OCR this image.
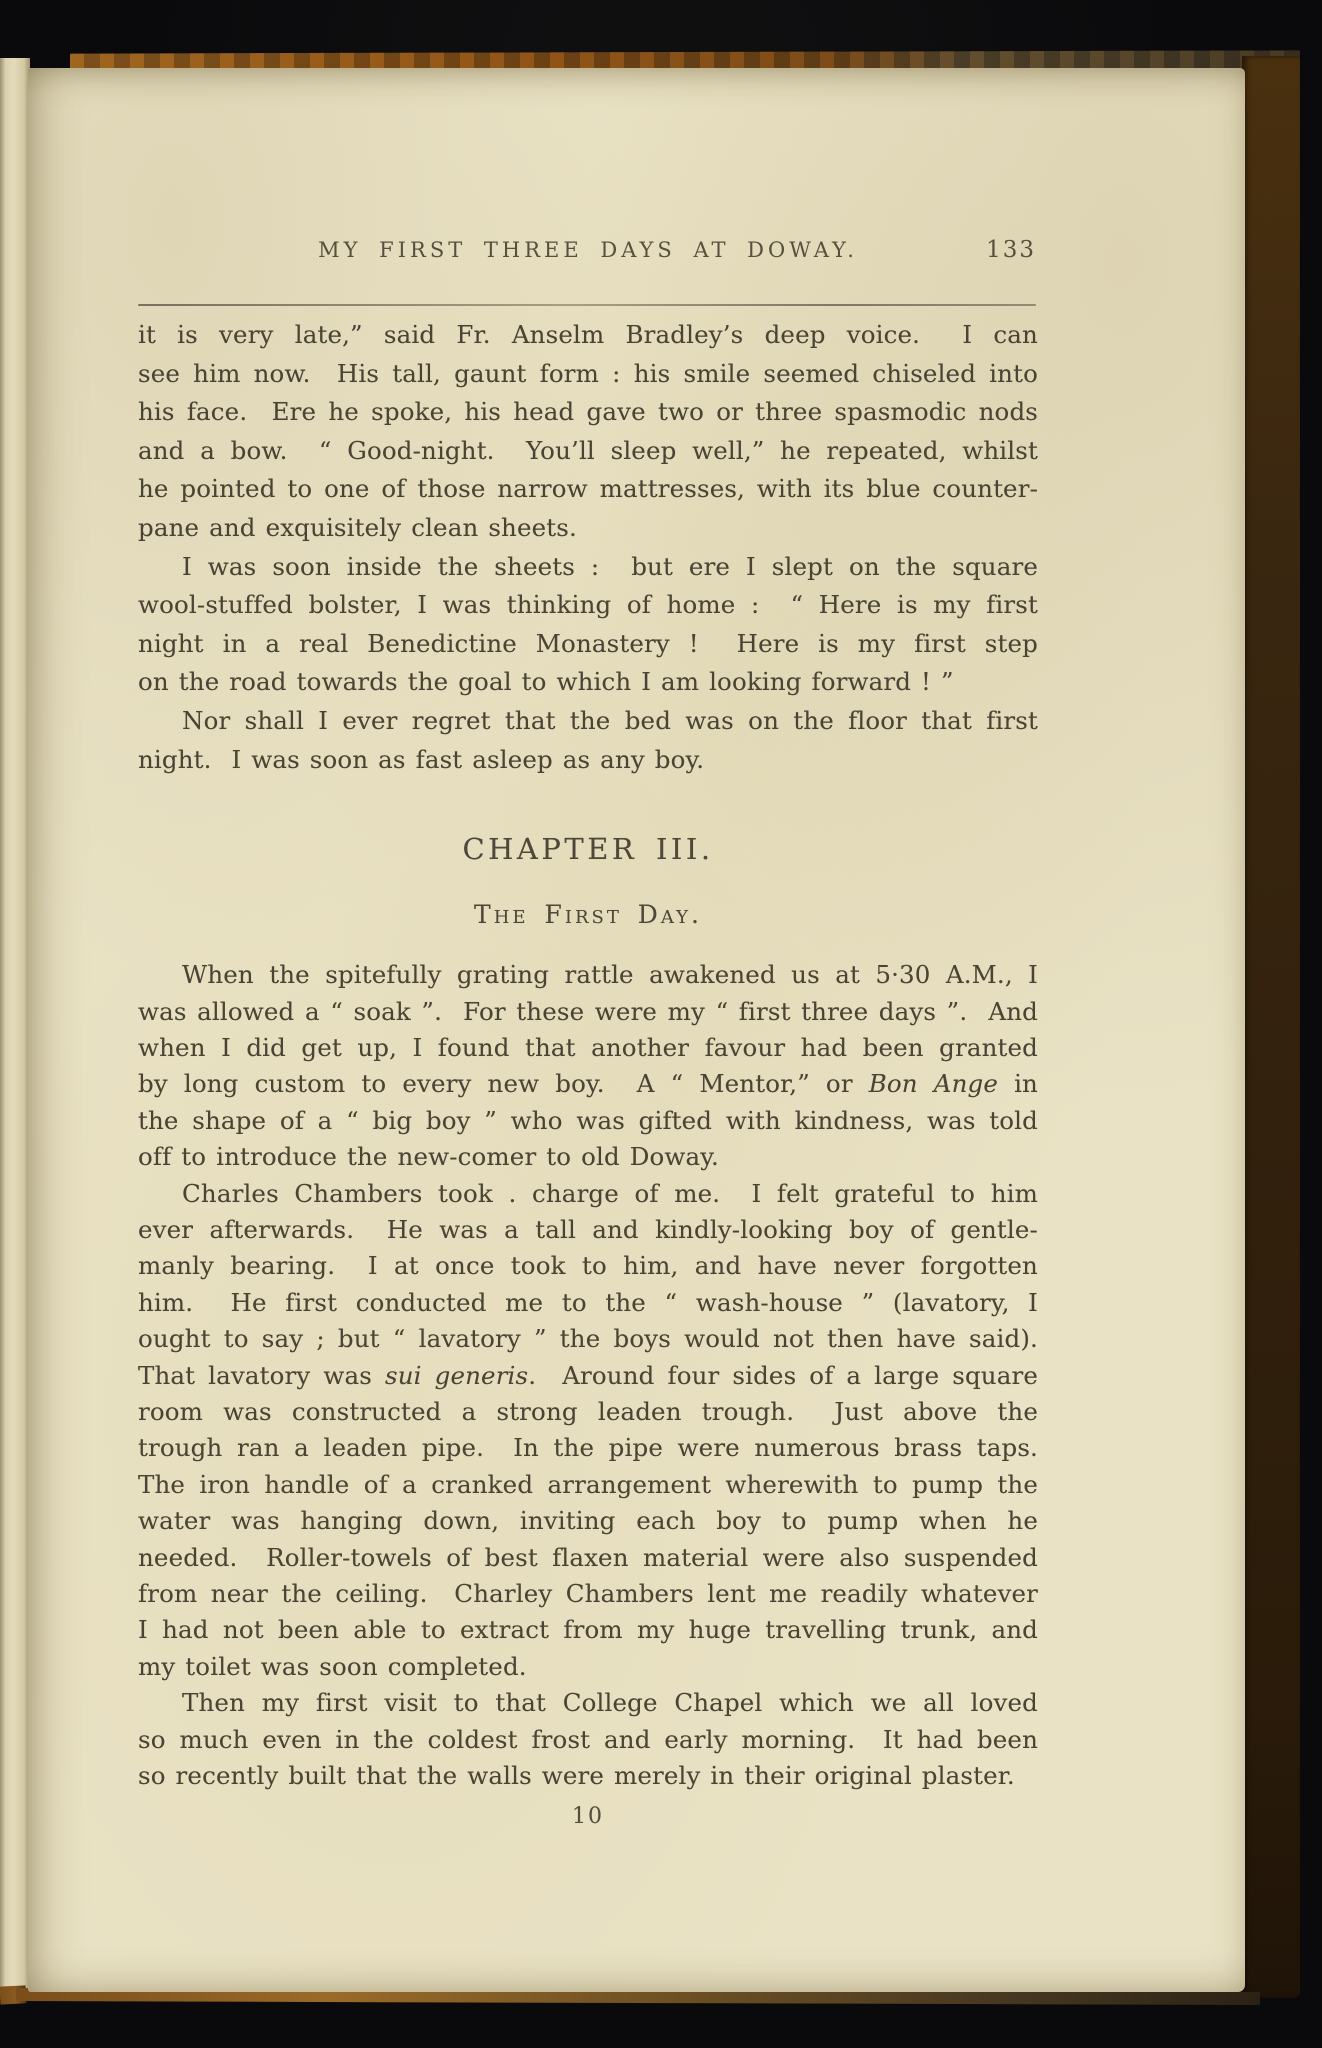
MY FIRST THREE DAYS AT DOWAY.	133
it is very late,” said Fr. Anselm Bradley’s deep voice.  I can
see him now.  His tall, gaunt form : his smile seemed chiseled into
his face.  Ere he spoke, his head gave two or three spasmodic nods
and a bow.  “ Good-night.  You’ll sleep well,” he repeated, whilst
he pointed to one of those narrow mattresses, with its blue counter-
pane and exquisitely clean sheets.
I was soon inside the sheets :  but ere I slept on the square
wool-stuffed bolster, I was thinking of home :  “ Here is my first
night in a real Benedictine Monastery !  Here is my first step
on the road towards the goal to which I am looking forward ! ”
Nor shall I ever regret that the bed was on the floor that first
night.  I was soon as fast asleep as any boy.
CHAPTER III.
The First Day.
When the spitefully grating rattle awakened us at 5·30 A.M., I
was allowed a “ soak ”.  For these were my “ first three days ”.  And
when I did get up, I found that another favour had been granted
by long custom to every new boy.  A “ Mentor,” or Bon Ange in
the shape of a “ big boy ” who was gifted with kindness, was told
off to introduce the new-comer to old Doway.
Charles Chambers took . charge of me.  I felt grateful to him
ever afterwards.  He was a tall and kindly-looking boy of gentle-
manly bearing.  I at once took to him, and have never forgotten
him.  He first conducted me to the “ wash-house ” (lavatory, I
ought to say ; but “ lavatory ” the boys would not then have said).
That lavatory was sui generis.  Around four sides of a large square
room was constructed a strong leaden trough.  Just above the
trough ran a leaden pipe.  In the pipe were numerous brass taps.
The iron handle of a cranked arrangement wherewith to pump the
water was hanging down, inviting each boy to pump when he
needed.  Roller-towels of best flaxen material were also suspended
from near the ceiling.  Charley Chambers lent me readily whatever
I had not been able to extract from my huge travelling trunk, and
my toilet was soon completed.
Then my first visit to that College Chapel which we all loved
so much even in the coldest frost and early morning.  It had been
so recently built that the walls were merely in their original plaster.
10
